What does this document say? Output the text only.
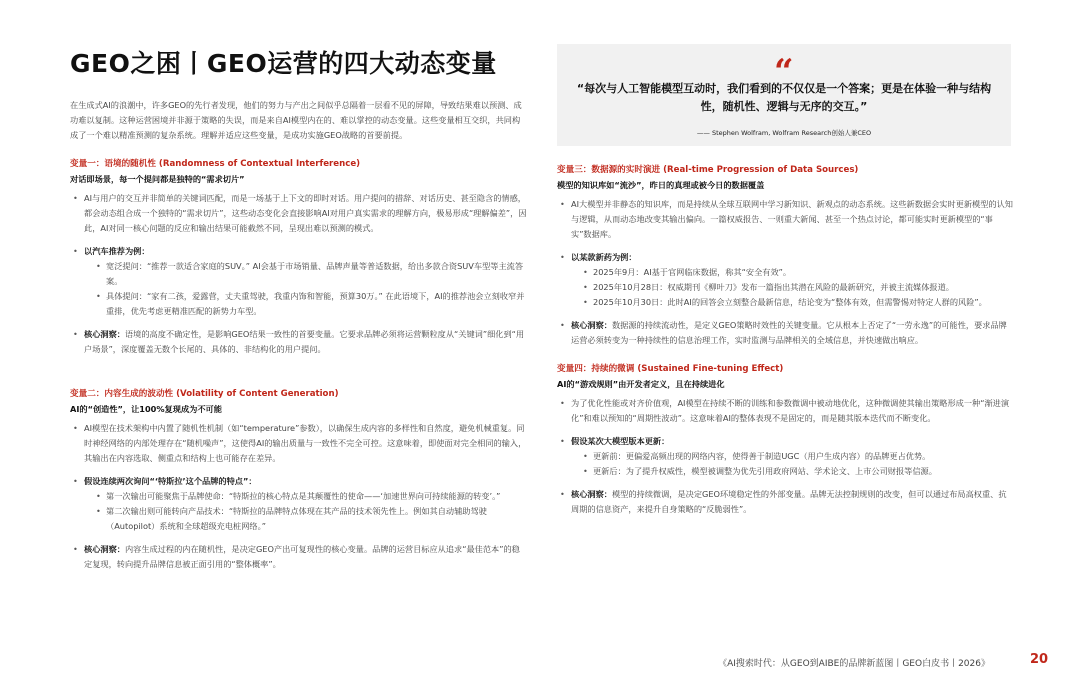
GEO之困丨GEO运营的四大动态变量

在生成式AI的浪潮中，许多GEO的先行者发现，他们的努力与产出之间似乎总隔着一层看不见的屏障，导致结果难以预测、成功难以复制。这种运营困境并非源于策略的失误，而是来自AI模型内在的、难以掌控的动态变量。这些变量相互交织，共同构成了一个难以精准预测的复杂系统。理解并适应这些变量，是成功实施GEO战略的首要前提。

变量一：语境的随机性 (Randomness of Contextual Interference)
对话即场景，每一个提问都是独特的“需求切片”
• AI与用户的交互并非简单的关键词匹配，而是一场基于上下文的即时对话。用户提问的措辞、对话历史、甚至隐含的情感，都会动态组合成一个独特的“需求切片”，这些动态变化会直接影响AI对用户真实需求的理解方向，极易形成“理解偏差”，因此，AI对同一核心问题的反应和输出结果可能截然不同，呈现出难以预测的模式。
• 以汽车推荐为例：
• 宽泛提问：“推荐一款适合家庭的SUV。” AI会基于市场销量、品牌声量等普适数据，给出多款合资SUV车型等主流答案。
• 具体提问：“家有二孩，爱露营，丈夫重驾驶，我重内饰和智能，预算30万。” 在此语境下，AI的推荐池会立刻收窄并重排，优先考虑更精准匹配的新势力车型。
• 核心洞察：语境的高度不确定性，是影响GEO结果一致性的首要变量。它要求品牌必须将运营颗粒度从“关键词”细化到“用户场景”，深度覆盖无数个长尾的、具体的、非结构化的用户提问。
变量二：内容生成的波动性 (Volatility of Content Generation)
AI的“创造性”，让100%复现成为不可能
• AI模型在技术架构中内置了随机性机制（如“temperature”参数），以确保生成内容的多样性和自然度，避免机械重复。同时神经网络的内部处理存在“随机噪声”，这使得AI的输出质量与一致性不完全可控。这意味着，即使面对完全相同的输入，其输出在内容选取、侧重点和结构上也可能存在差异。
• 假设连续两次询问“‘特斯拉’这个品牌的特点”：
• 第一次输出可能聚焦于品牌使命：“特斯拉的核心特点是其颠覆性的使命——‘加速世界向可持续能源的转变’。”
• 第二次输出则可能转向产品技术：“特斯拉的品牌特点体现在其产品的技术领先性上。例如其自动辅助驾驶（Autopilot）系统和全球超级充电桩网络。”
• 核心洞察：内容生成过程的内在随机性，是决定GEO产出可复现性的核心变量。品牌的运营目标应从追求“最佳范本”的稳定复现，转向提升品牌信息被正面引用的“整体概率”。
“
“每次与人工智能模型互动时，我们看到的不仅仅是一个答案；更是在体验一种与结构性，随机性、逻辑与无序的交互。”
—— Stephen Wolfram, Wolfram Research创始人兼CEO
变量三：数据源的实时演进 (Real-time Progression of Data Sources)
模型的知识库如“流沙”，昨日的真理或被今日的数据覆盖
• AI大模型并非静态的知识库，而是持续从全球互联网中学习新知识、新观点的动态系统。这些新数据会实时更新模型的认知与逻辑，从而动态地改变其输出偏向。一篇权威报告、一则重大新闻、甚至一个热点讨论，都可能实时更新模型的“事实”数据库。
• 以某款新药为例：
• 2025年9月：AI基于官网临床数据，称其“安全有效”。
• 2025年10月28日：权威期刊《柳叶刀》发布一篇指出其潜在风险的最新研究，并被主流媒体报道。
• 2025年10月30日：此时AI的回答会立刻整合最新信息，结论变为“整体有效，但需警惕对特定人群的风险”。
• 核心洞察：数据源的持续流动性，是定义GEO策略时效性的关键变量。它从根本上否定了“一劳永逸”的可能性，要求品牌运营必须转变为一种持续性的信息治理工作，实时监测与品牌相关的全域信息，并快速做出响应。
变量四：持续的微调 (Sustained Fine-tuning Effect)
AI的“游戏规则”由开发者定义，且在持续进化
• 为了优化性能或对齐价值观，AI模型在持续不断的训练和参数微调中被动地优化，这种微调使其输出策略形成一种“渐进演化”和难以预知的“周期性波动”。这意味着AI的整体表现不是固定的，而是随其版本迭代而不断变化。
• 假设某次大模型版本更新：
• 更新前：更偏爱高频出现的网络内容，使得善于制造UGC（用户生成内容）的品牌更占优势。
• 更新后：为了提升权威性，模型被调整为优先引用政府网站、学术论文、上市公司财报等信源。
• 核心洞察：模型的持续微调，是决定GEO环境稳定性的外部变量。品牌无法控制规则的改变，但可以通过布局高权重、抗周期的信息资产，来提升自身策略的“反脆弱性”。
《AI搜索时代：从GEO到AIBE的品牌新蓝图丨GEO白皮书丨2026》	20
